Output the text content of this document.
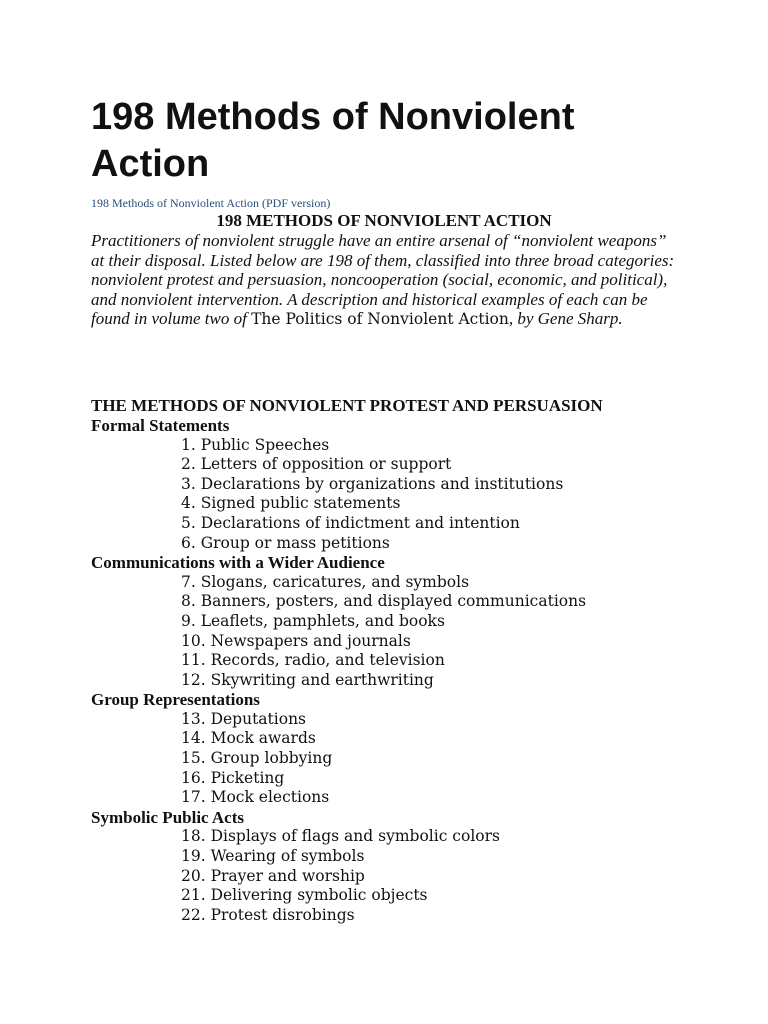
198 Methods of Nonviolent Action
198 Methods of Nonviolent Action (PDF version)

198 METHODS OF NONVIOLENT ACTION

Practitioners of nonviolent struggle have an entire arsenal of “nonviolent weapons” at their disposal. Listed below are 198 of them, classified into three broad categories: nonviolent protest and persuasion, noncooperation (social, economic, and political), and nonviolent intervention. A description and historical examples of each can be found in volume two of The Politics of Nonviolent Action, by Gene Sharp.

THE METHODS OF NONVIOLENT PROTEST AND PERSUASION

Formal Statements

1. Public Speeches

2. Letters of opposition or support

3. Declarations by organizations and institutions

4. Signed public statements

5. Declarations of indictment and intention

6. Group or mass petitions

Communications with a Wider Audience

7. Slogans, caricatures, and symbols

8. Banners, posters, and displayed communications

9. Leaflets, pamphlets, and books

10. Newspapers and journals

11. Records, radio, and television

12. Skywriting and earthwriting

Group Representations

13. Deputations

14. Mock awards

15. Group lobbying

16. Picketing

17. Mock elections

Symbolic Public Acts

18. Displays of flags and symbolic colors

19. Wearing of symbols

20. Prayer and worship

21. Delivering symbolic objects

22. Protest disrobings
